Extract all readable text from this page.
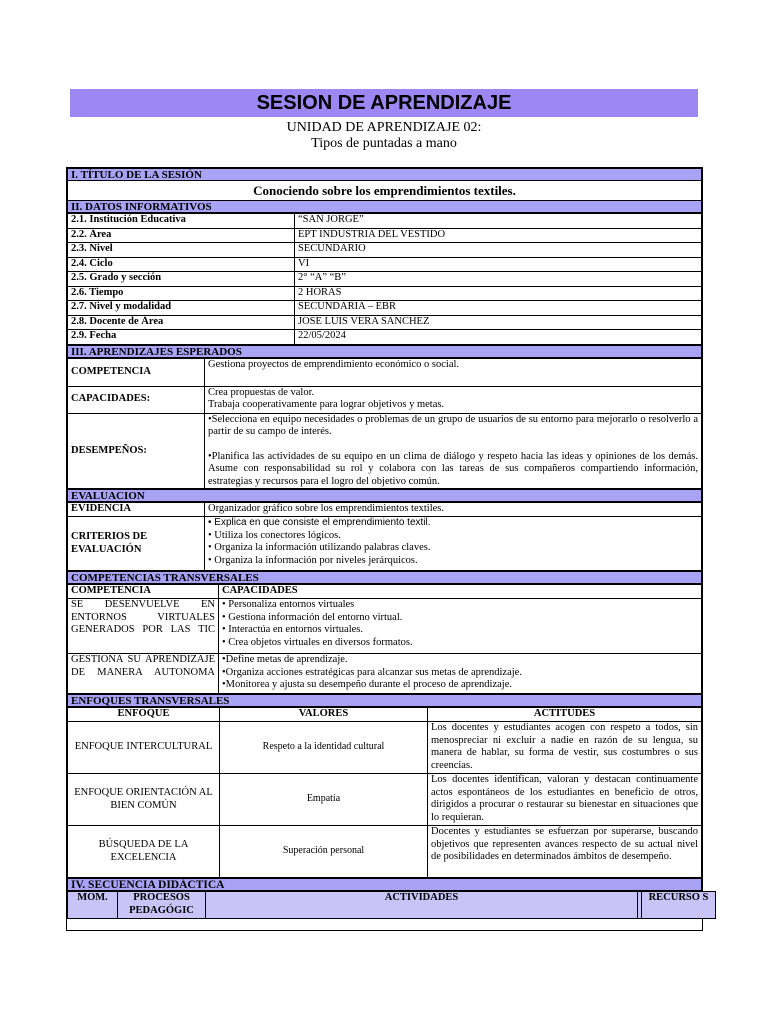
SESION DE APRENDIZAJE
UNIDAD DE APRENDIZAJE 02:
Tipos de puntadas a mano
I. TÍTULO DE LA SESIÓN
Conociendo sobre los emprendimientos textiles.
II. DATOS INFORMATIVOS
2.1. Institución Educativa	“SAN JORGE”
2.2. Área	EPT INDUSTRIA DEL VESTIDO
2.3. Nivel	SECUNDARIO
2.4. Ciclo	VI
2.5. Grado y sección	2° “A” “B”
2.6. Tiempo	2 HORAS
2.7. Nivel y modalidad	SECUNDARIA – EBR
2.8. Docente de Área	JOSE LUIS VERA SANCHEZ
2.9. Fecha	22/05/2024
III. APRENDIZAJES ESPERADOS
COMPETENCIA	Gestiona proyectos de emprendimiento económico o social.
CAPACIDADES:	Crea propuestas de valor.

Trabaja cooperativamente para lograr objetivos y metas.

DESEMPEÑOS:	•Selecciona en equipo necesidades o problemas de un grupo de usuarios de su entorno para mejorarlo o resolverlo a partir de su campo de interés.

•Planifica las actividades de su equipo en un clima de diálogo y respeto hacia las ideas y opiniones de los demás. Asume con responsabilidad su rol y colabora con las tareas de sus compañeros compartiendo información, estrategias y recursos para el logro del objetivo común.

EVALUACION
EVIDENCIA	Organizador gráfico sobre los emprendimientos textiles.
CRITERIOS DE EVALUACIÓN	• Explica en que consiste el emprendimiento textil.

• Utiliza los conectores lógicos.

• Organiza la información utilizando palabras claves.

• Organiza la información por niveles jerárquicos.

COMPETENCIAS TRANSVERSALES
COMPETENCIA	CAPACIDADES
SE DESENVUELVE EN ENTORNOS VIRTUALES GENERADOS POR LAS TIC	• Personaliza entornos virtuales

• Gestiona información del entorno virtual.

• Interactúa en entornos virtuales.

• Crea objetos virtuales en diversos formatos.

GESTIONA SU APRENDIZAJE DE MANERA AUTONOMA	•Define metas de aprendizaje.

•Organiza acciones estratégicas para alcanzar sus metas de aprendizaje.

•Monitorea y ajusta su desempeño durante el proceso de aprendizaje.

ENFOQUES TRANSVERSALES
ENFOQUE	VALORES	ACTITUDES
ENFOQUE INTERCULTURAL	Respeto a la identidad cultural	Los docentes y estudiantes acogen con respeto a todos, sin menospreciar ni excluir a nadie en razón de su lengua, su manera de hablar, su forma de vestir, sus costumbres o sus creencias.
ENFOQUE ORIENTACIÓN AL BIEN COMÚN	Empatía	Los docentes identifican, valoran y destacan continuamente actos espontáneos de los estudiantes en beneficio de otros, dirigidos a procurar o restaurar su bienestar en situaciones que lo requieran.
BÚSQUEDA DE LA EXCELENCIA	Superación personal	Docentes y estudiantes se esfuerzan por superarse, buscando objetivos que representen avances respecto de su actual nivel de posibilidades en determinados ámbitos de desempeño.
IV. SECUENCIA DIDÁCTICA
MOM.	PROCESOS PEDAGÓGIC	ACTIVIDADES		RECURSO S	
